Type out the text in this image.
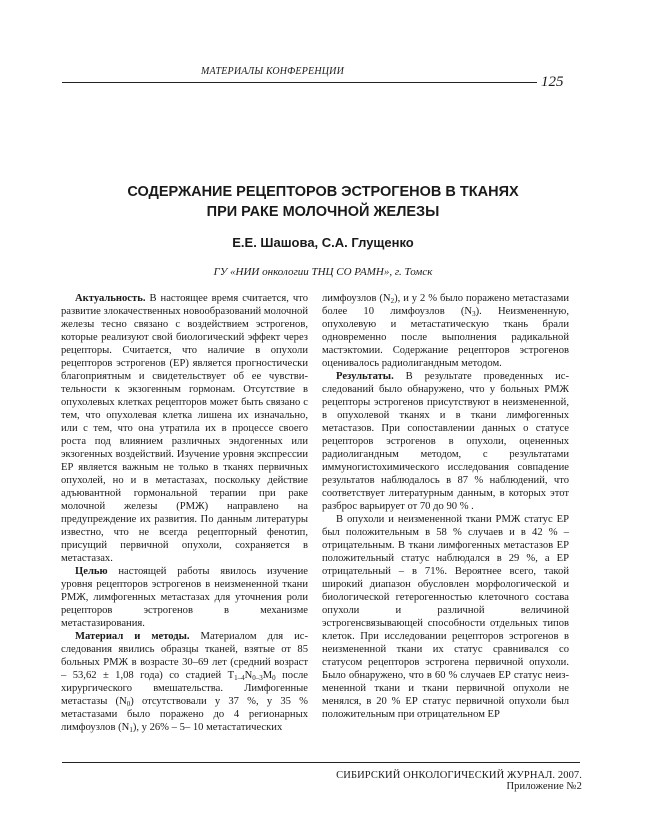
МАТЕРИАЛЫ КОНФЕРЕНЦИИ
125
СОДЕРЖАНИЕ РЕЦЕПТОРОВ ЭСТРОГЕНОВ В ТКАНЯХ
ПРИ РАКЕ МОЛОЧНОЙ ЖЕЛЕЗЫ
Е.Е. Шашова, С.А. Глущенко
ГУ «НИИ онкологии ТНЦ СО РАМН», г. Томск

Актуальность. В настоящее время считается, что развитие злокачественных новообразований молочной железы тесно связано с воздействием эстрогенов, которые реализуют свой биологический эффект через рецепторы. Считается, что наличие в опухоли рецепторов эстрогенов (ЕР) является прогностически благоприятным и свидетельствует об ее чувствительности к экзогенным гормонам. Отсутствие в опухолевых клетках рецепторов может быть связано с тем, что опухолевая клетка лишена их изначально, или с тем, что она утратила их в процессе своего роста под влиянием различных эндогенных или экзогенных воздействий. Изучение уровня экспрессии ЕР является важным не только в тканях первичных опухолей, но и в метастазах, поскольку действие адъювантной гормональной терапии при раке молочной железы (РМЖ) направлено на предупреждение их развития. По данным литературы известно, что не всегда рецепторный фенотип, присущий первичной опухоли, сохраняется в метастазах.

Целью настоящей работы явилось изучение уровня рецепторов эстрогенов в неизмененной ткани РМЖ, лимфогенных метастазах для уточнения роли рецепторов эстрогенов в механизме метастазирования.

Материал и методы. Материалом для исследования явились образцы тканей, взятые от 85 больных РМЖ в возрасте 30–69 лет (средний возраст – 53,62 ± 1,08 года) со стадией $T_{1-4}N_{0-3}M_0$ после хирургического вмешательства. Лимфогенные метастазы $(N_0)$ отсутствовали у 37 %, у 35 % метастазами было поражено до 4 регионарных лимфоузлов $(N_1)$, у 26% – 5– 10 метастатических

лимфоузлов $(N_2)$, и у 2 % было поражено метастазами более 10 лимфоузлов $(N_3)$. Неизмененную, опухолевую и метастатическую ткань брали одновременно после выполнения радикальной мастэктомии. Содержание рецепторов эстрогенов оценивалось радиолигандным методом.

Результаты. В результате проведенных исследований было обнаружено, что у больных РМЖ рецепторы эстрогенов присутствуют в неизмененной, в опухолевой тканях и в ткани лимфогенных метастазов. При сопоставлении данных о статусе рецепторов эстрогенов в опухоли, оцененных радиолигандным методом, с результатами иммуногистохимического исследования совпадение результатов наблюдалось в 87 % наблюдений, что соответствует литературным данным, в которых этот разброс варьирует от 70 до 90 % .

В опухоли и неизмененной ткани РМЖ статус ЕР был положительным в 58 % случаев и в 42 % – отрицательным. В ткани лимфогенных метастазов ЕР положительный статус наблюдался в 29 %, а ЕР отрицательный – в 71%. Вероятнее всего, такой широкий диапазон обусловлен морфологической и биологической гетерогенностью клеточного состава опухоли и различной величиной эстрогенсвязывающей способности отдельных типов клеток. При исследовании рецепторов эстрогенов в неизмененной ткани их статус сравнивался со статусом рецепторов эстрогена первичной опухоли. Было обнаружено, что в 60 % случаев ЕР статус неизмененной ткани и ткани первичной опухоли не менялся, в 20 % ЕР статус первичной опухоли был положительным при отрицательном ЕР

СИБИРСКИЙ ОНКОЛОГИЧЕСКИЙ ЖУРНАЛ. 2007. Приложение №2
